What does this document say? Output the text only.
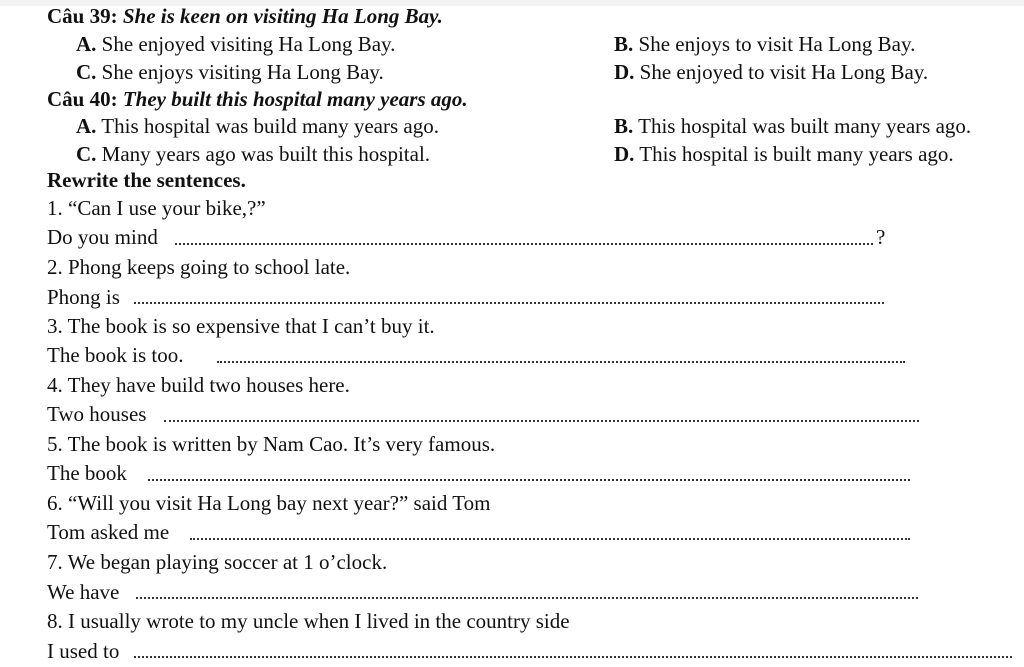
Câu 39: She is keen on visiting Ha Long Bay.
A. She enjoyed visiting Ha Long Bay.	B. She enjoys to visit Ha Long Bay.
C. She enjoys visiting Ha Long Bay.	D. She enjoyed to visit Ha Long Bay.
Câu 40: They built this hospital many years ago.
A. This hospital was build many years ago.	B. This hospital was built many years ago.
C. Many years ago was built this hospital.	D. This hospital is built many years ago.
Rewrite the sentences.
1. “Can I use your bike,?”
Do you mind	?
2. Phong keeps going to school late.
Phong is
3. The book is so expensive that I can’t buy it.
The book is too.
4. They have build two houses here.
Two houses
5. The book is written by Nam Cao. It’s very famous.
The book
6. “Will you visit Ha Long bay next year?” said Tom
Tom asked me
7. We began playing soccer at 1 o’clock.
We have
8. I usually wrote to my uncle when I lived in the country side
I used to
